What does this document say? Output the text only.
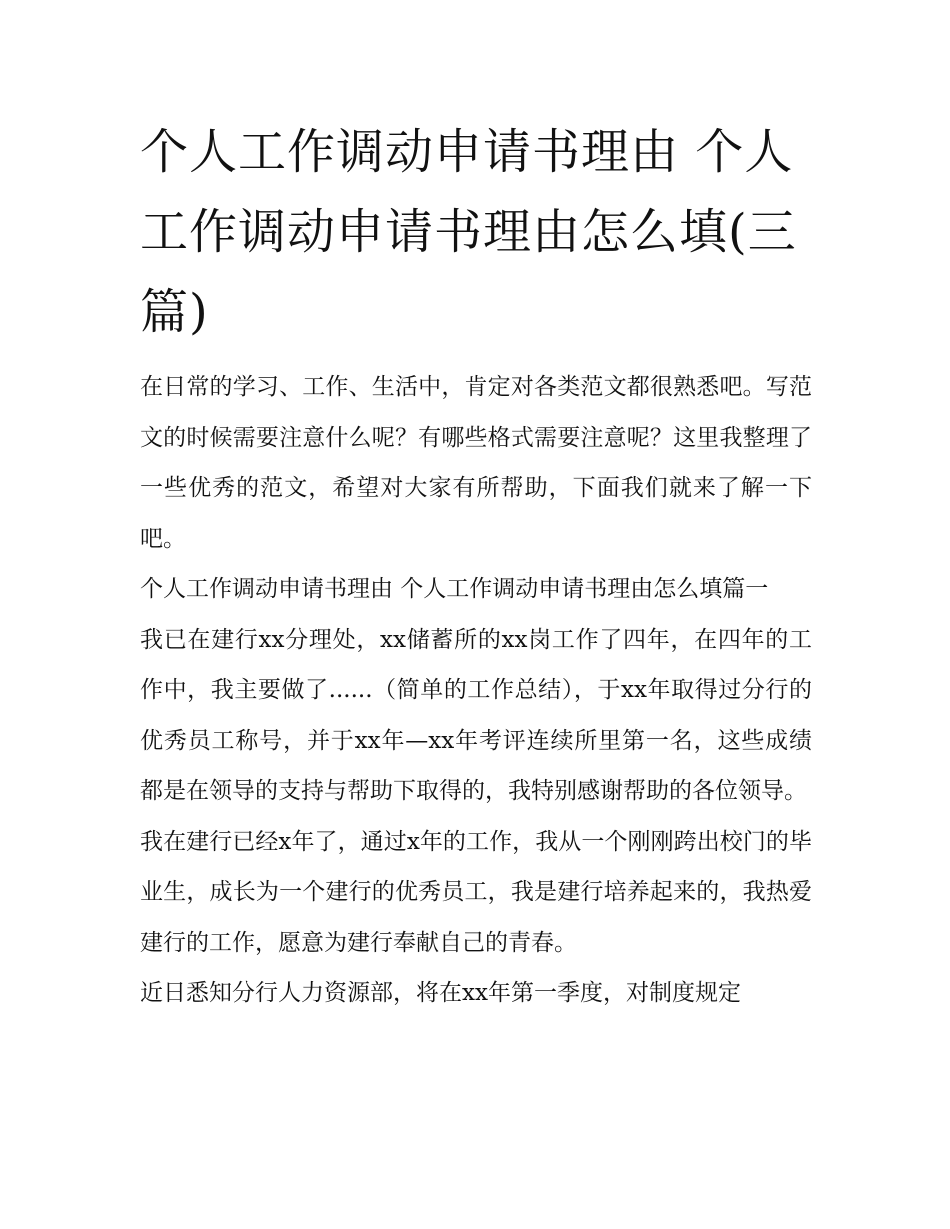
个人工作调动申请书理由 个人工作调动申请书理由怎么填(三篇)

在日常的学习、工作、生活中，肯定对各类范文都很熟悉吧。写范文的时候需要注意什么呢？有哪些格式需要注意呢？这里我整理了一些优秀的范文，希望对大家有所帮助，下面我们就来了解一下吧。

个人工作调动申请书理由 个人工作调动申请书理由怎么填篇一

我已在建行xx分理处，xx储蓄所的xx岗工作了四年，在四年的工作中，我主要做了......（简单的工作总结），于xx年取得过分行的优秀员工称号，并于xx年—xx年考评连续所里第一名，这些成绩都是在领导的支持与帮助下取得的，我特别感谢帮助的各位领导。

我在建行已经x年了，通过x年的工作，我从一个刚刚跨出校门的毕业生，成长为一个建行的优秀员工，我是建行培养起来的，我热爱建行的工作，愿意为建行奉献自己的青春。

近日悉知分行人力资源部，将在xx年第一季度，对制度规定
